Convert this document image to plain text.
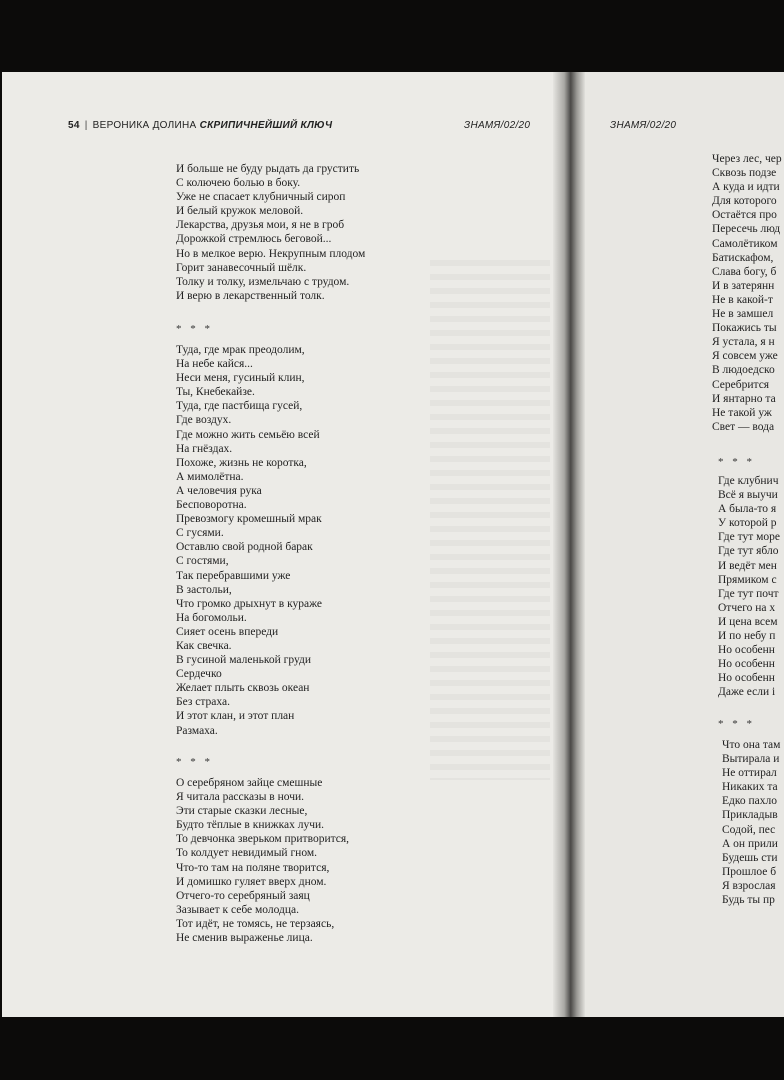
54 | ВЕРОНИКА ДОЛИНА СКРИПИЧНЕЙШИЙ КЛЮЧ	ЗНАМЯ/02/20	ЗНАМЯ/02/20
И больше не буду рыдать да грустить
С колючею болью в боку.
Уже не спасает клубничный сироп
И белый кружок меловой.
Лекарства, друзья мои, я не в гроб
Дорожкой стремлюсь беговой...
Но в мелкое верю. Некрупным плодом
Горит занавесочный шёлк.
Толку и толку, измельчаю с трудом.
И верю в лекарственный толк.
* * *
Туда, где мрак преодолим,
На небе кайся...
Неси меня, гусиный клин,
Ты, Кнебекайзе.
Туда, где пастбища гусей,
Где воздух.
Где можно жить семьёю всей
На гнёздах.
Похоже, жизнь не коротка,
А мимолётна.
А человечия рука
Бесповоротна.
Превозмогу кромешный мрак
С гусями.
Оставлю свой родной барак
С гостями,
Так перебравшими уже
В застольи,
Что громко дрыхнут в кураже
На богомольи.
Сияет осень впереди
Как свечка.
В гусиной маленькой груди
Сердечко
Желает плыть сквозь океан
Без страха.
И этот клан, и этот план
Размаха.
* * *
О серебряном зайце смешные
Я читала рассказы в ночи.
Эти старые сказки лесные,
Будто тёплые в книжках лучи.
То девчонка зверьком притворится,
То колдует невидимый гном.
Что-то там на поляне творится,
И домишко гуляет вверх дном.
Отчего-то серебряный заяц
Зазывает к себе молодца.
Тот идёт, не томясь, не терзаясь,
Не сменив выраженье лица.
Через лес, чер
Сквозь подзе
А куда и идти
Для которого
Остаётся про
Пересечь люд
Самолётиком
Батискафом,
Слава богу, б
И в затерянн
Не в какой-т
Не в замшел
Покажись ты
Я устала, я н
Я совсем уже
В людоедско
Серебрится
И янтарно та
Не такой уж
Свет — вода
* * *
Где клубнич
Всё я выучи
А была-то я
У которой р
Где тут море
Где тут ябло
И ведёт мен
Прямиком с
Где тут почт
Отчего на х
И цена всем
И по небу п
Но особенн
Но особенн
Но особенн
Даже если і
* * *
Что она там
Вытирала и
Не оттирал
Никаких та
Едко пахло
Прикладыв
Содой, пес
А он прили
Будешь сти
Прошлое б
Я взрослая
Будь ты пр
